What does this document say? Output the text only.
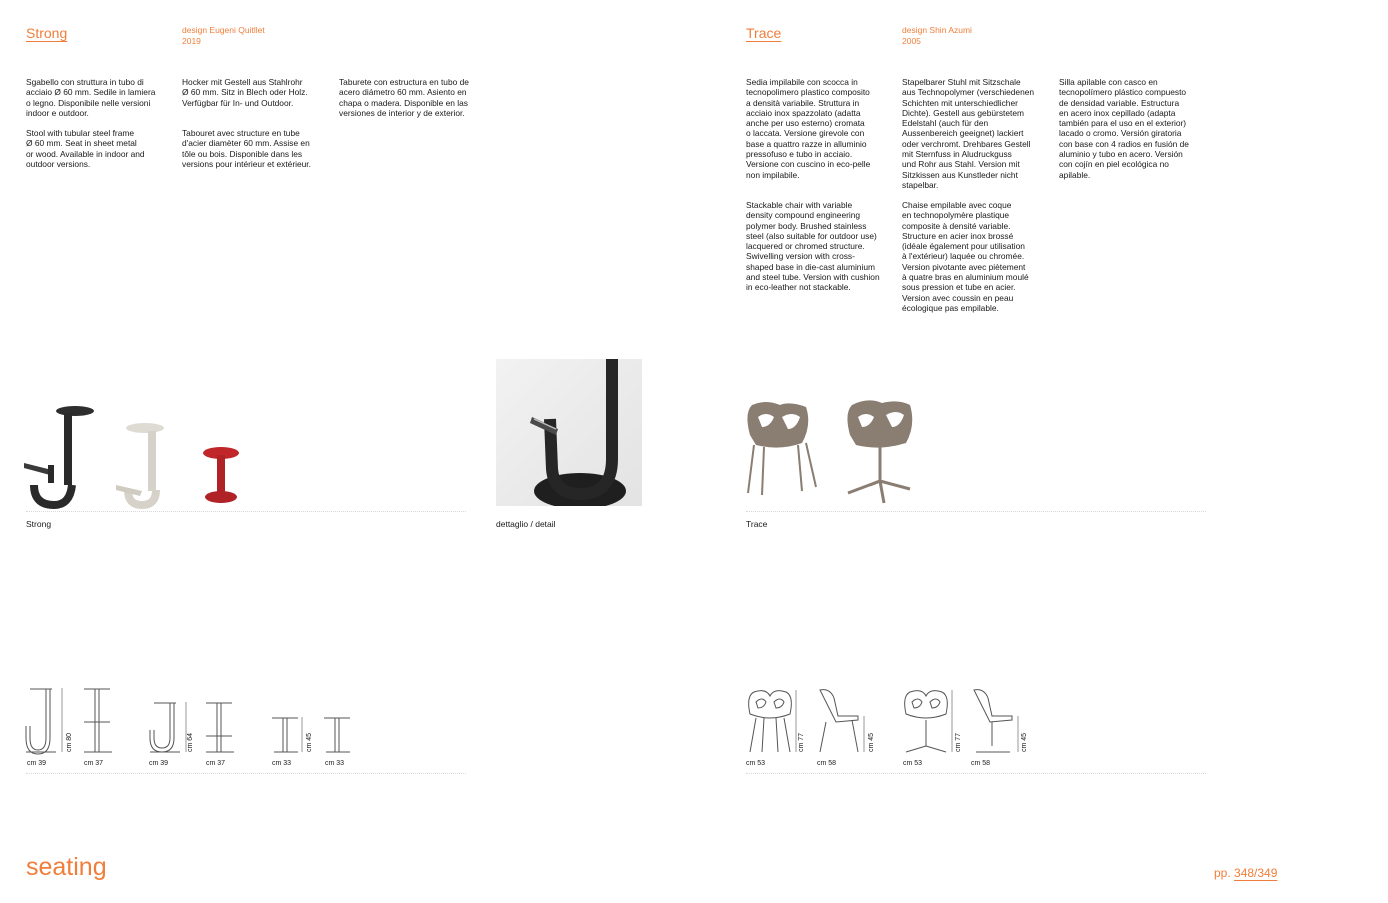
Strong	design Eugeni Quitllet
2019
Sgabello con struttura in tubo di
acciaio Ø 60 mm. Sedile in lamiera
o legno. Disponibile nelle versioni
indoor e outdoor.
Stool with tubular steel frame
Ø 60 mm. Seat in sheet metal
or wood. Available in indoor and
outdoor versions.
Hocker mit Gestell aus Stahlrohr
Ø 60 mm. Sitz in Blech oder Holz.
Verfügbar für In- und Outdoor.
Tabouret avec structure en tube
d'acier diamèter 60 mm. Assise en
tôle ou bois. Disponible dans les
versions pour intérieur et extérieur.
Taburete con estructura en tubo de
acero diámetro 60 mm. Asiento en
chapa o madera. Disponible en las
versiones de interior y de exterior.
Trace	design Shin Azumi
2005
Sedia impilabile con scocca in
tecnopolimero plastico composito
a densità variabile. Struttura in
acciaio inox spazzolato (adatta
anche per uso esterno) cromata
o laccata. Versione girevole con
base a quattro razze in alluminio
pressofuso e tubo in acciaio.
Versione con cuscino in eco-pelle
non impilabile.
Stackable chair with variable
density compound engineering
polymer body. Brushed stainless
steel (also suitable for outdoor use)
lacquered or chromed structure.
Swivelling version with cross-
shaped base in die-cast aluminium
and steel tube. Version with cushion
in eco-leather not stackable.
Stapelbarer Stuhl mit Sitzschale
aus Technopolymer (verschiedenen
Schichten mit unterschiedlicher
Dichte). Gestell aus gebürstetem
Edelstahl (auch für den
Aussenbereich geeignet) lackiert
oder verchromt. Drehbares Gestell
mit Sternfuss in Aludruckguss
und Rohr aus Stahl. Version mit
Sitzkissen aus Kunstleder nicht
stapelbar.
Chaise empilable avec coque
en technopolymère plastique
composite à densité variable.
Structure en acier inox brossé
(idéale également pour utilisation
à l'extérieur) laquée ou chromée.
Version pivotante avec piètement
à quatre bras en aluminium moulé
sous pression et tube en acier.
Version avec coussin en peau
écologique pas empilable.
Silla apilable con casco en
tecnopolímero plástico compuesto
de densidad variable. Estructura
en acero inox cepillado (adapta
también para el uso en el exterior)
lacado o cromo. Versión giratoria
con base con 4 radios en fusión de
aluminio y tubo en acero. Versión
con cojín en piel ecológica no
apilable.
Strong	dettaglio / detail	Trace
cm 80	cm 64	cm 45
cm 39	cm 37	cm 39	cm 37	cm 33	cm 33
cm 77	cm 45	cm 77	cm 45
cm 53	cm 58	cm 53	cm 58
seating	pp. 348/349
